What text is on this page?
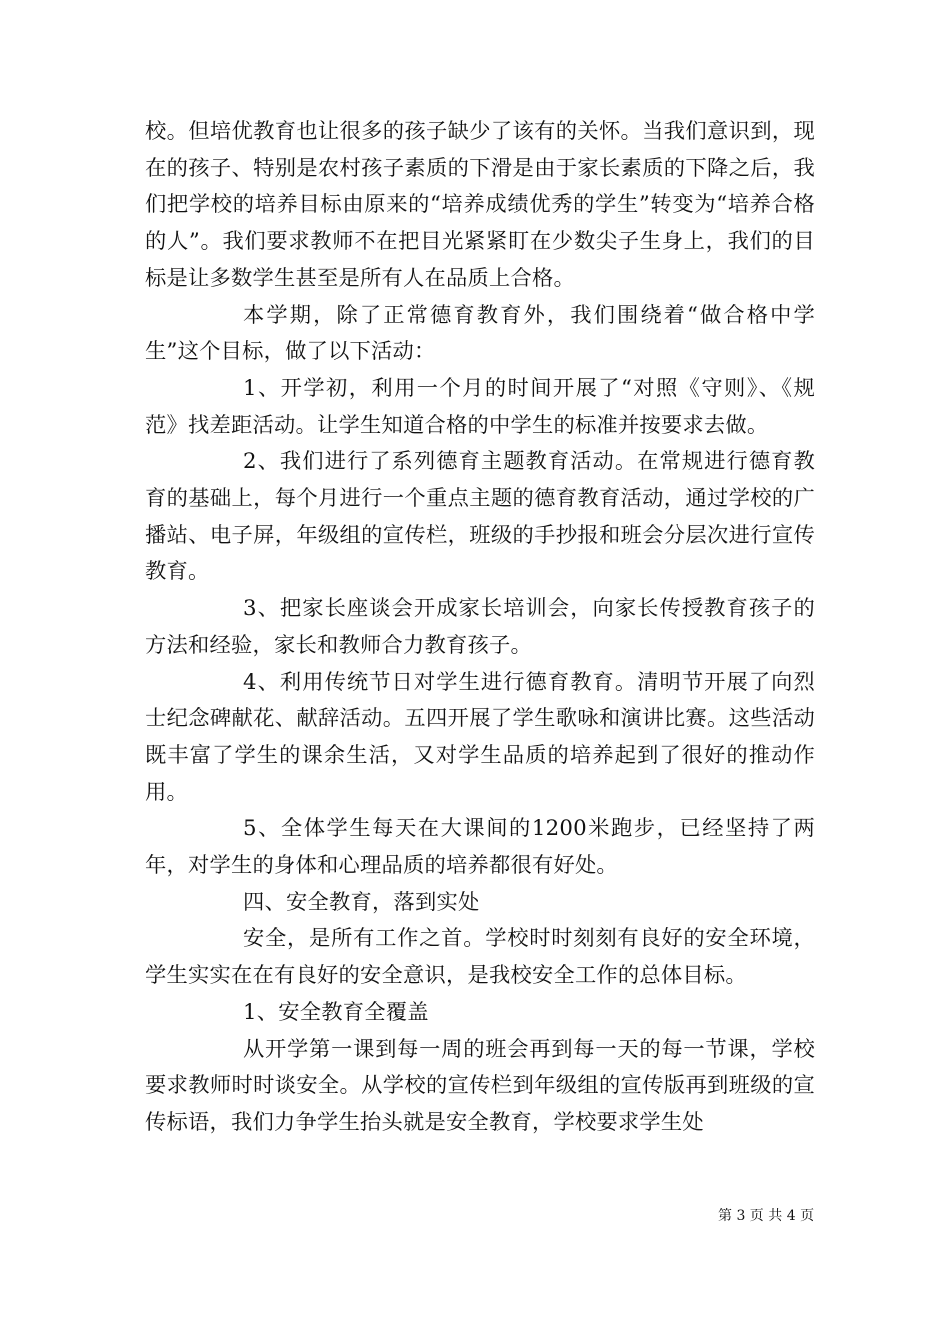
校。但培优教育也让很多的孩子缺少了该有的关怀。当我们意识到，现在的孩子、特别是农村孩子素质的下滑是由于家长素质的下降之后，我们把学校的培养目标由原来的“培养成绩优秀的学生”转变为“培养合格的人”。我们要求教师不在把目光紧紧盯在少数尖子生身上，我们的目标是让多数学生甚至是所有人在品质上合格。

本学期，除了正常德育教育外，我们围绕着“做合格中学生”这个目标，做了以下活动：

1、开学初，利用一个月的时间开展了“对照《守则》、《规范》找差距活动。让学生知道合格的中学生的标准并按要求去做。

2、我们进行了系列德育主题教育活动。在常规进行德育教育的基础上，每个月进行一个重点主题的德育教育活动，通过学校的广播站、电子屏，年级组的宣传栏，班级的手抄报和班会分层次进行宣传教育。

3、把家长座谈会开成家长培训会，向家长传授教育孩子的方法和经验，家长和教师合力教育孩子。

4、利用传统节日对学生进行德育教育。清明节开展了向烈士纪念碑献花、献辞活动。五四开展了学生歌咏和演讲比赛。这些活动既丰富了学生的课余生活，又对学生品质的培养起到了很好的推动作用。

5、全体学生每天在大课间的1200米跑步，已经坚持了两年，对学生的身体和心理品质的培养都很有好处。

四、安全教育，落到实处

安全，是所有工作之首。学校时时刻刻有良好的安全环境，学生实实在在有良好的安全意识，是我校安全工作的总体目标。

1、安全教育全覆盖

从开学第一课到每一周的班会再到每一天的每一节课，学校要求教师时时谈安全。从学校的宣传栏到年级组的宣传版再到班级的宣传标语，我们力争学生抬头就是安全教育，学校要求学生处

第 3 页 共 4 页
